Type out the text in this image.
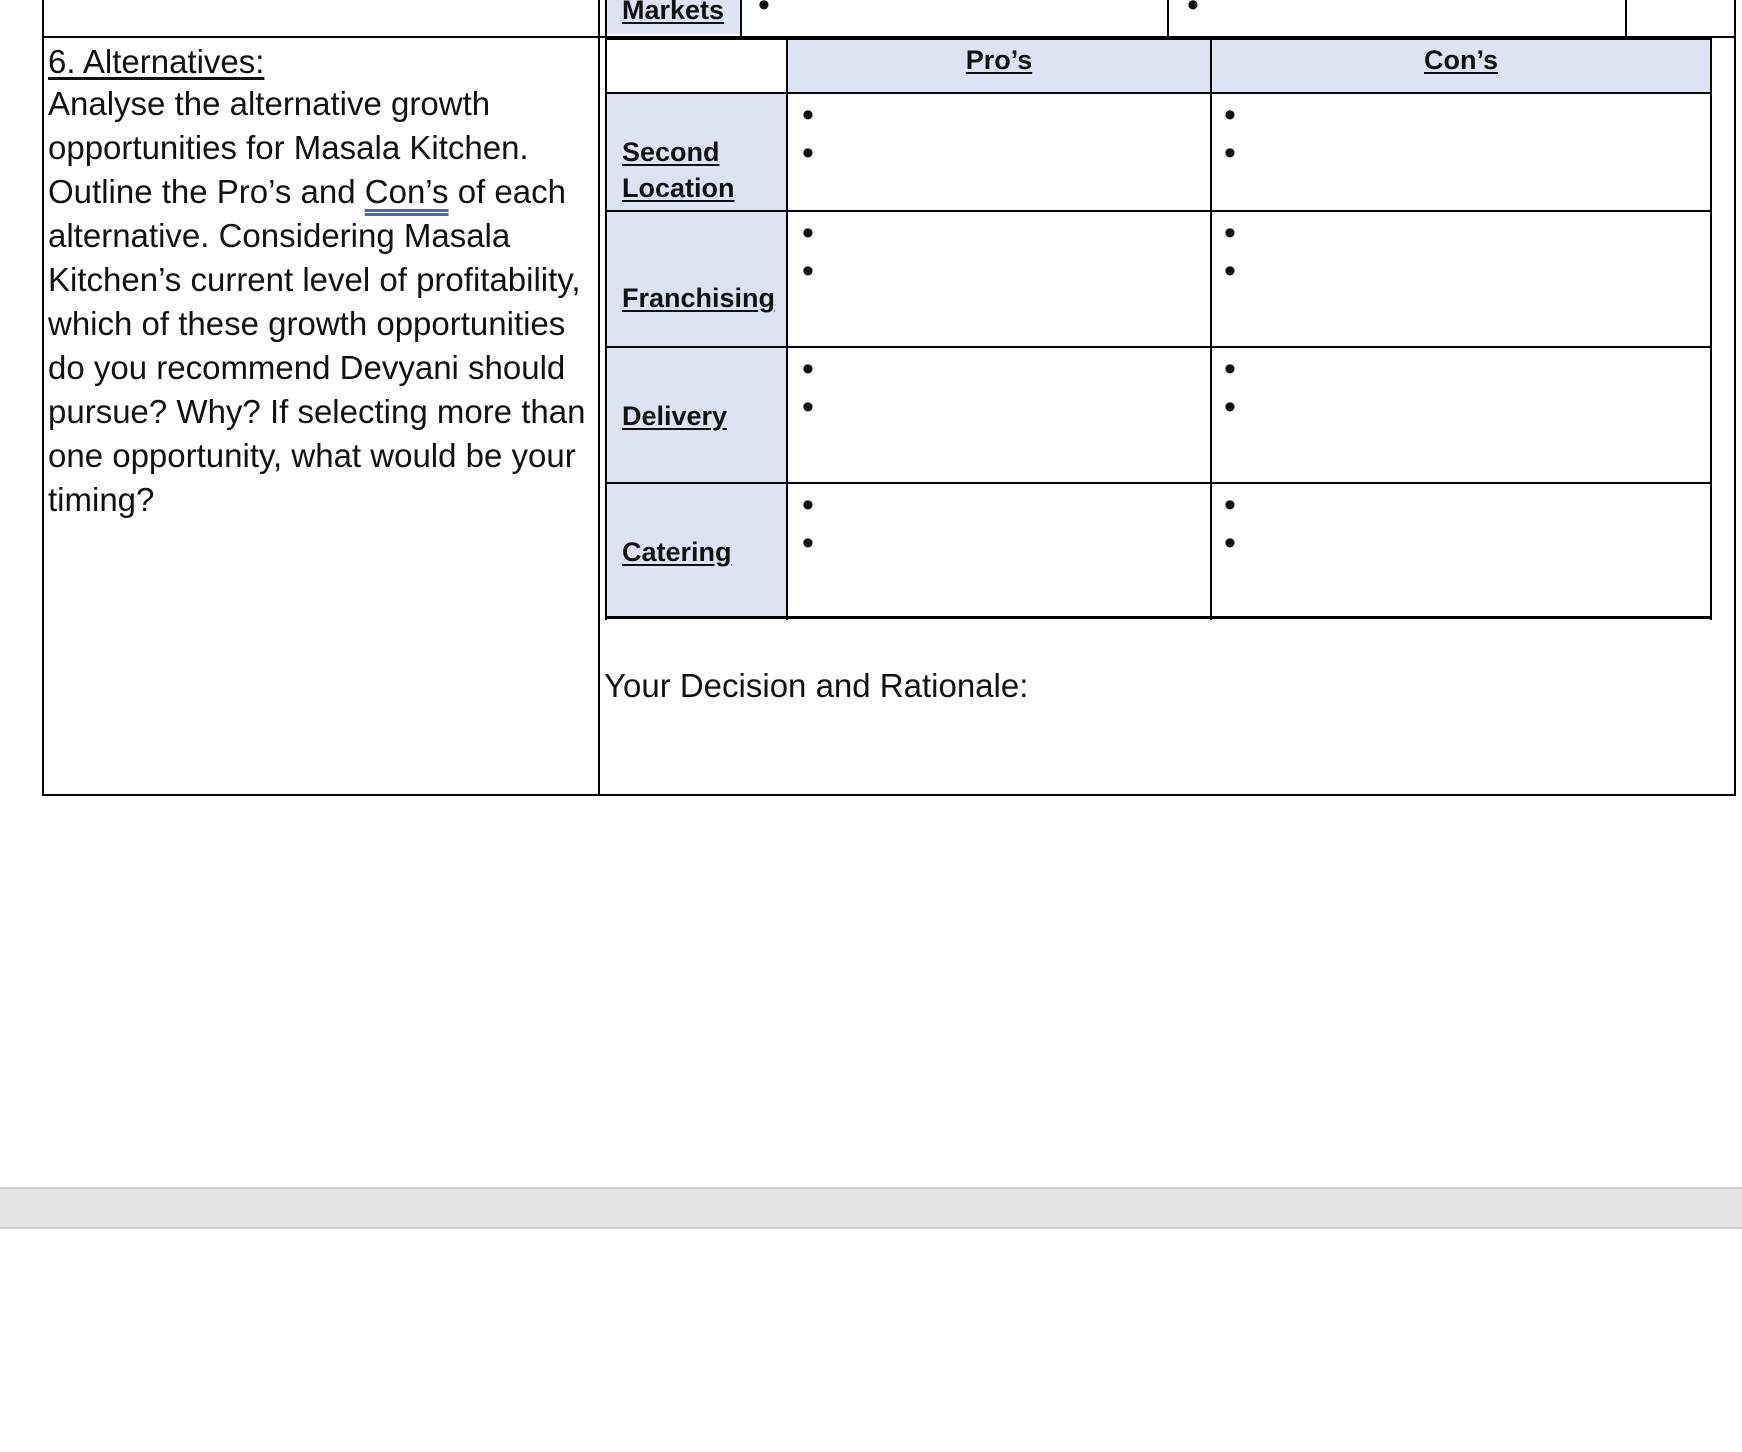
Markets •	•
6. Alternatives:
Analyse the alternative growth opportunities for Masala Kitchen. Outline the Pro’s and Con’s of each alternative. Considering Masala Kitchen’s current level of profitability, which of these growth opportunities do you recommend Devyani should pursue? Why? If selecting more than one opportunity, what would be your timing?
Pro’s	Con’s
Second Location
Franchising
Delivery
Catering
•
•
•
•
•
•
•
•
•
•
•
•
•
•
•
•
Your Decision and Rationale:
